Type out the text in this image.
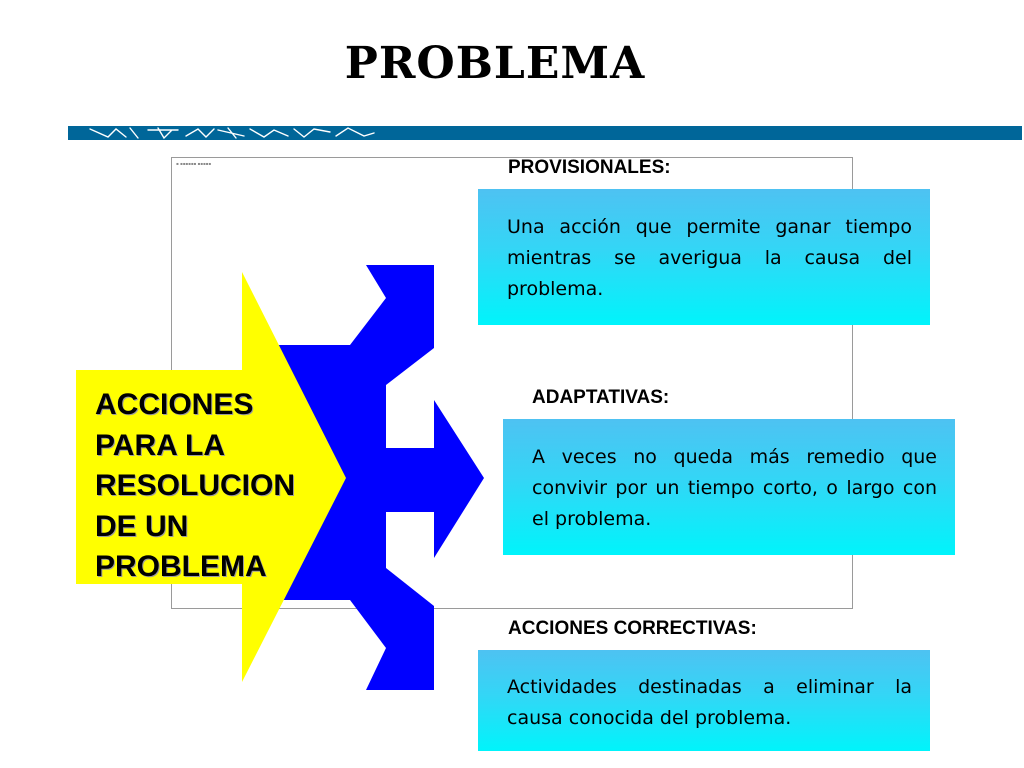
PROBLEMA
▪ ▪▪▪▪▪▪ ▪▪▪▪▪
ACCIONES
PARA LA
RESOLUCION
DE UN
PROBLEMA
PROVISIONALES:

Una acción que permite ganar tiempo mientras se averigua la causa del problema.

ADAPTATIVAS:

A veces no queda más remedio que convivir por un tiempo corto, o largo con el problema.

ACCIONES CORRECTIVAS:

Actividades destinadas a eliminar la causa conocida del problema.
